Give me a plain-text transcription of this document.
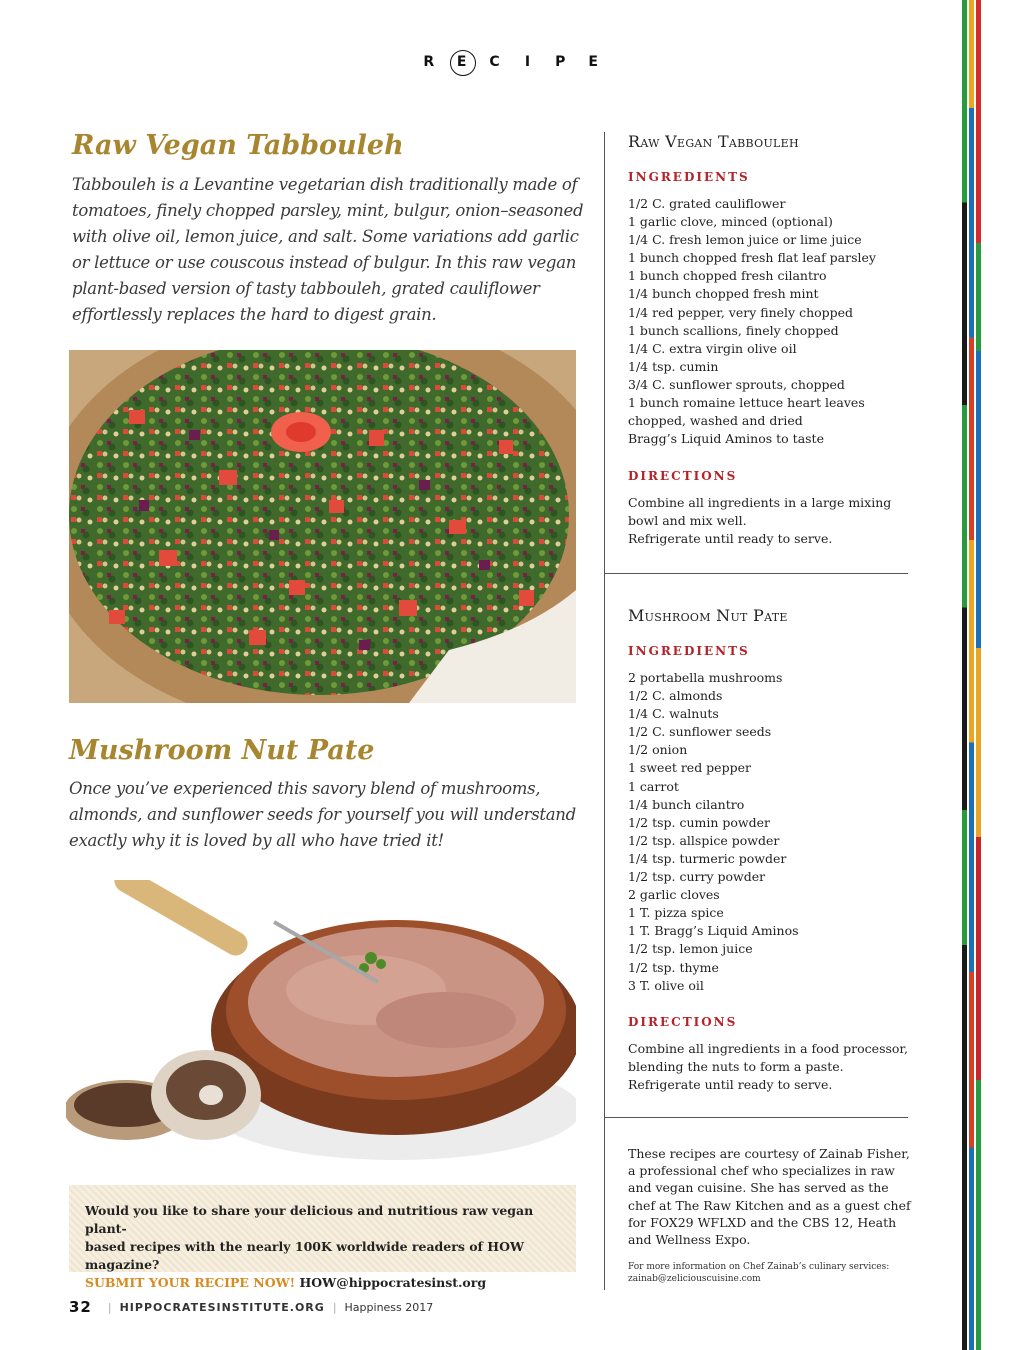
R E C I P E
Raw Vegan Tabbouleh
Tabbouleh is a Levantine vegetarian dish traditionally made of tomatoes, finely chopped parsley, mint, bulgur, onion–seasoned with olive oil, lemon juice, and salt. Some variations add garlic or lettuce or use couscous instead of bulgur. In this raw vegan plant-based version of tasty tabbouleh, grated cauliflower effortlessly replaces the hard to digest grain.
Mushroom Nut Pate
Once you’ve experienced this savory blend of mushrooms, almonds, and sunflower seeds for yourself you will understand exactly why it is loved by all who have tried it!
Would you like to share your delicious and nutritious raw vegan plant-
based recipes with the nearly 100K worldwide readers of HOW magazine?
SUBMIT YOUR RECIPE NOW! HOW@hippocratesinst.org
Raw Vegan Tabbouleh
INGREDIENTS
1/2 C. grated cauliflower
1 garlic clove, minced (optional)
1/4 C. fresh lemon juice or lime juice
1 bunch chopped fresh flat leaf parsley
1 bunch chopped fresh cilantro
1/4 bunch chopped fresh mint
1/4 red pepper, very finely chopped
1 bunch scallions, finely chopped
1/4 C. extra virgin olive oil
1/4 tsp. cumin
3/4 C. sunflower sprouts, chopped
1 bunch romaine lettuce heart leaves
chopped, washed and dried
Bragg’s Liquid Aminos to taste
DIRECTIONS
Combine all ingredients in a large mixing
bowl and mix well.
Refrigerate until ready to serve.
Mushroom Nut Pate
INGREDIENTS
2 portabella mushrooms
1/2 C. almonds
1/4 C. walnuts
1/2 C. sunflower seeds
1/2 onion
1 sweet red pepper
1 carrot
1/4 bunch cilantro
1/2 tsp. cumin powder
1/2 tsp. allspice powder
1/4 tsp. turmeric powder
1/2 tsp. curry powder
2 garlic cloves
1 T. pizza spice
1 T. Bragg’s Liquid Aminos
1/2 tsp. lemon juice
1/2 tsp. thyme
3 T. olive oil
DIRECTIONS
Combine all ingredients in a food processor,
blending the nuts to form a paste.
Refrigerate until ready to serve.
These recipes are courtesy of Zainab Fisher, a professional chef who specializes in raw and vegan cuisine. She has served as the chef at The Raw Kitchen and as a guest chef for FOX29 WFLXD and the CBS 12, Heath and Wellness Expo.
For more information on Chef Zainab’s culinary services:
zainab@zeliciouscuisine.com
32 | HIPPOCRATESINSTITUTE.ORG | Happiness 2017
